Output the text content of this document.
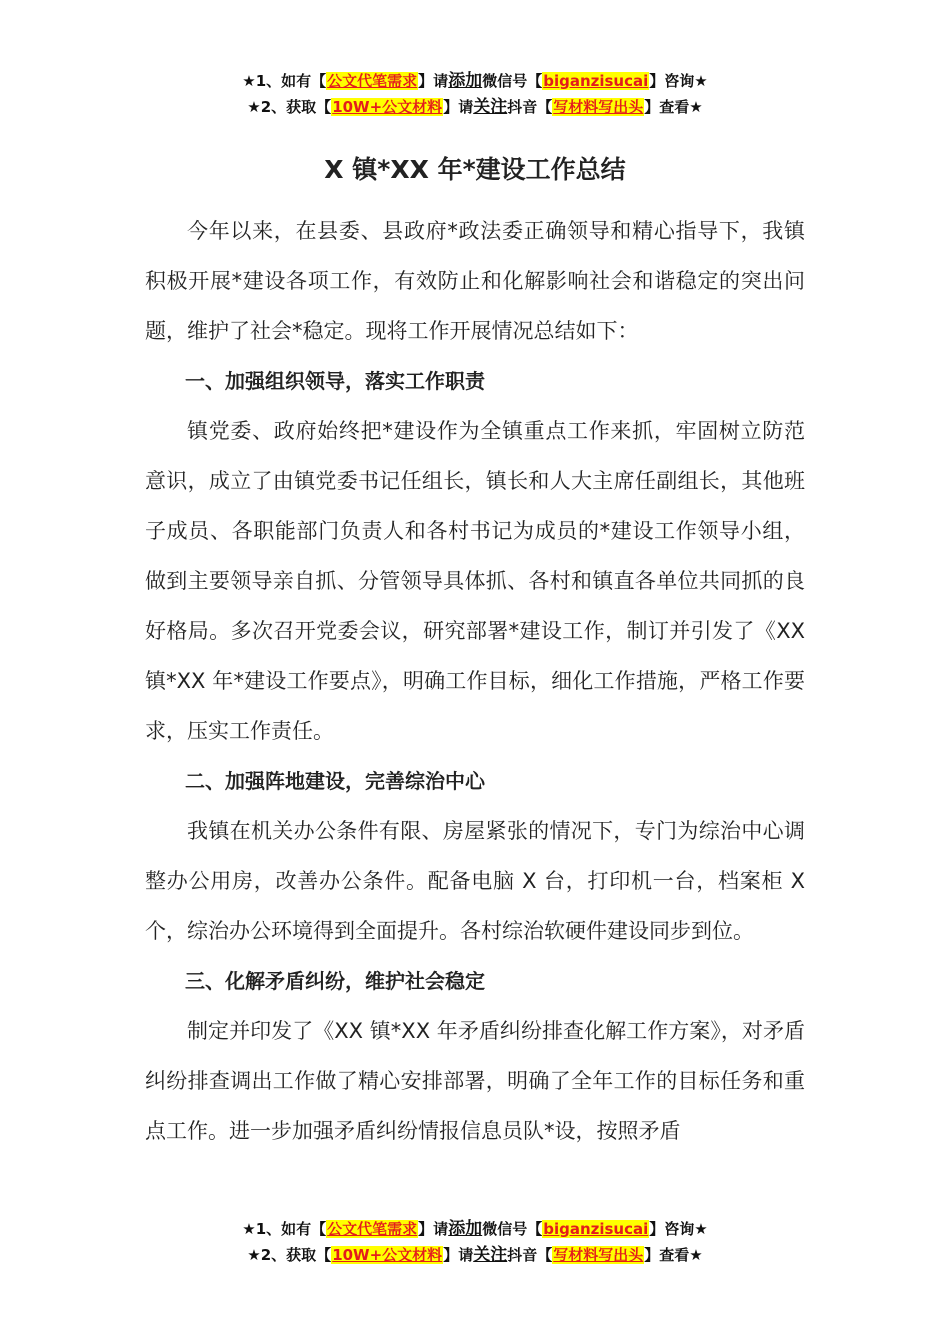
★1、如有【公文代笔需求】请添加微信号【biganzisucai】咨询★
★2、获取【10W+公文材料】请关注抖音【写材料写出头】查看★
X 镇*XX 年*建设工作总结

今年以来，在县委、县政府*政法委正确领导和精心指导下，我镇积极开展*建设各项工作，有效防止和化解影响社会和谐稳定的突出问题，维护了社会*稳定。现将工作开展情况总结如下：

一、加强组织领导，落实工作职责

镇党委、政府始终把*建设作为全镇重点工作来抓，牢固树立防范意识，成立了由镇党委书记任组长，镇长和人大主席任副组长，其他班子成员、各职能部门负责人和各村书记为成员的*建设工作领导小组，做到主要领导亲自抓、分管领导具体抓、各村和镇直各单位共同抓的良好格局。多次召开党委会议，研究部署*建设工作，制订并引发了《XX 镇*XX 年*建设工作要点》，明确工作目标，细化工作措施，严格工作要求，压实工作责任。

二、加强阵地建设，完善综治中心

我镇在机关办公条件有限、房屋紧张的情况下，专门为综治中心调整办公用房，改善办公条件。配备电脑 X 台，打印机一台，档案柜 X 个，综治办公环境得到全面提升。各村综治软硬件建设同步到位。

三、化解矛盾纠纷，维护社会稳定

制定并印发了《XX 镇*XX 年矛盾纠纷排查化解工作方案》，对矛盾纠纷排查调出工作做了精心安排部署，明确了全年工作的目标任务和重点工作。进一步加强矛盾纠纷情报信息员队*设，按照矛盾

★1、如有【公文代笔需求】请添加微信号【biganzisucai】咨询★
★2、获取【10W+公文材料】请关注抖音【写材料写出头】查看★
